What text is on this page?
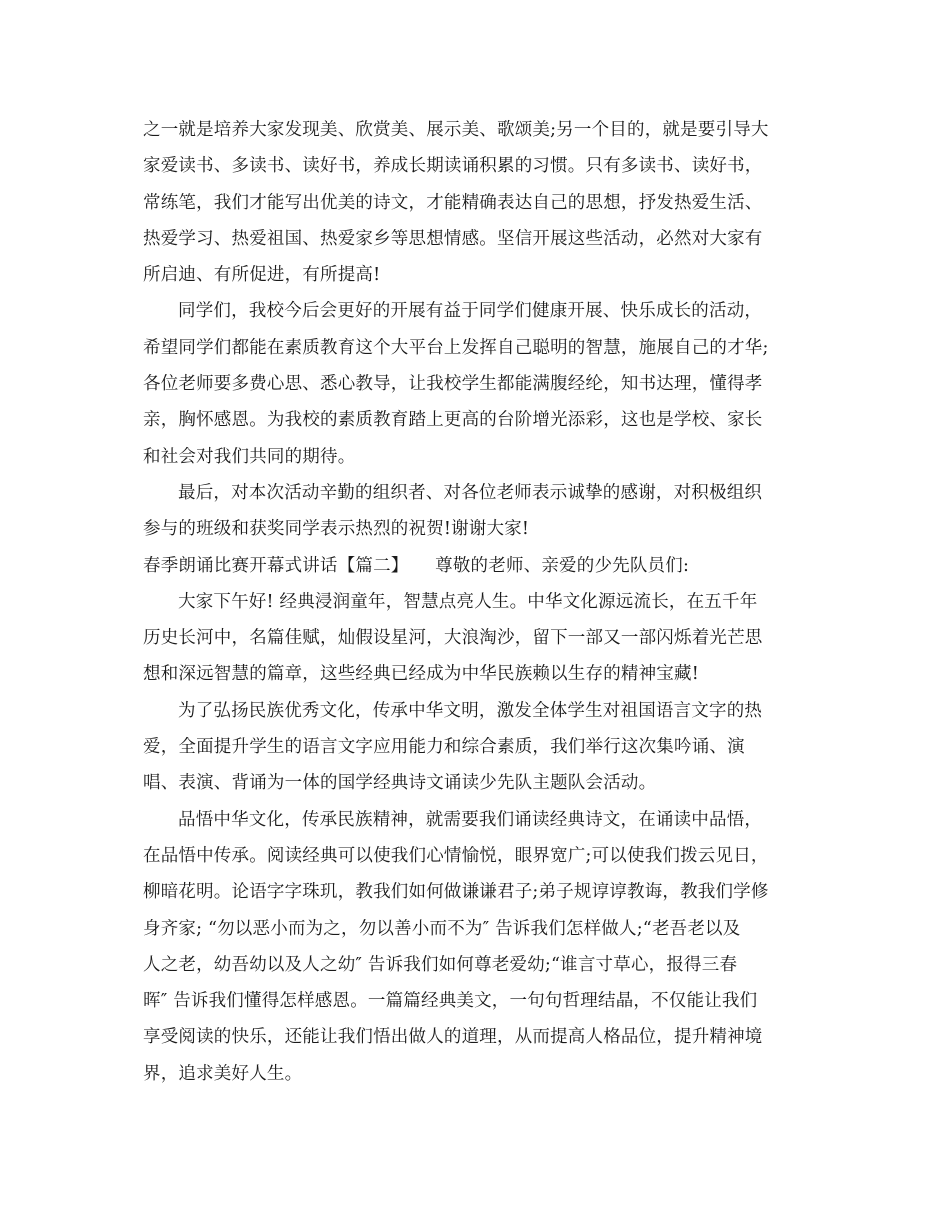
之一就是培养大家发现美、欣赏美、展示美、歌颂美;另一个目的，就是要引导大
家爱读书、多读书、读好书，养成长期读诵积累的习惯。只有多读书、读好书，
常练笔，我们才能写出优美的诗文，才能精确表达自己的思想，抒发热爱生活、
热爱学习、热爱祖国、热爱家乡等思想情感。坚信开展这些活动，必然对大家有
所启迪、有所促进，有所提高!
同学们，我校今后会更好的开展有益于同学们健康开展、快乐成长的活动，
希望同学们都能在素质教育这个大平台上发挥自己聪明的智慧，施展自己的才华;
各位老师要多费心思、悉心教导，让我校学生都能满腹经纶，知书达理，懂得孝
亲，胸怀感恩。为我校的素质教育踏上更高的台阶增光添彩，这也是学校、家长
和社会对我们共同的期待。
最后，对本次活动辛勤的组织者、对各位老师表示诚挚的感谢，对积极组织
参与的班级和获奖同学表示热烈的祝贺!谢谢大家!
春季朗诵比赛开幕式讲话【篇二】　　尊敬的老师、亲爱的少先队员们:
大家下午好! 经典浸润童年，智慧点亮人生。中华文化源远流长，在五千年
历史长河中，名篇佳赋，灿假设星河，大浪淘沙，留下一部又一部闪烁着光芒思
想和深远智慧的篇章，这些经典已经成为中华民族赖以生存的精神宝藏!
为了弘扬民族优秀文化，传承中华文明，激发全体学生对祖国语言文字的热
爱，全面提升学生的语言文字应用能力和综合素质，我们举行这次集吟诵、演
唱、表演、背诵为一体的国学经典诗文诵读少先队主题队会活动。
品悟中华文化，传承民族精神，就需要我们诵读经典诗文，在诵读中品悟，
在品悟中传承。阅读经典可以使我们心情愉悦，眼界宽广;可以使我们拨云见日，
柳暗花明。论语字字珠玑，教我们如何做谦谦君子;弟子规谆谆教诲，教我们学修
身齐家; “勿以恶小而为之，勿以善小而不为″ 告诉我们怎样做人;“老吾老以及
人之老，幼吾幼以及人之幼″ 告诉我们如何尊老爱幼;“谁言寸草心，报得三春
晖″ 告诉我们懂得怎样感恩。一篇篇经典美文，一句句哲理结晶，不仅能让我们
享受阅读的快乐，还能让我们悟出做人的道理，从而提高人格品位，提升精神境
界，追求美好人生。
